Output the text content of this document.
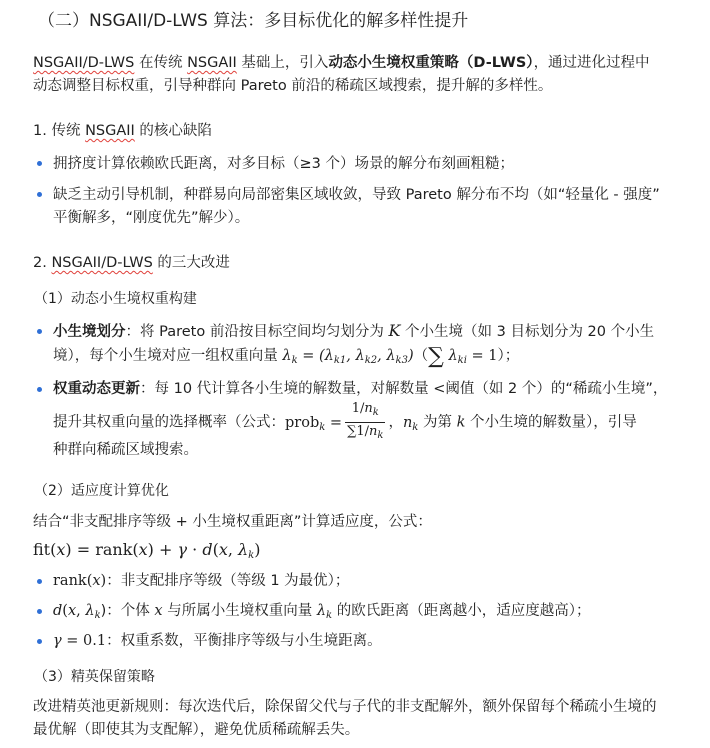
（二）NSGAII/D-LWS 算法：多目标优化的解多样性提升
NSGAII/D-LWS 在传统 NSGAII 基础上，引入动态小生境权重策略（D-LWS），通过进化过程中
动态调整目标权重，引导种群向 Pareto 前沿的稀疏区域搜索，提升解的多样性。
1. 传统 NSGAII 的核心缺陷
拥挤度计算依赖欧氏距离，对多目标（≥3 个）场景的解分布刻画粗糙；
缺乏主动引导机制，种群易向局部密集区域收敛，导致 Pareto 解分布不均（如“轻量化 - 强度”
平衡解多，“刚度优先”解少）。
2. NSGAII/D-LWS 的三大改进
（1）动态小生境权重构建
小生境划分：将 Pareto 前沿按目标空间均匀划分为 K 个小生境（如 3 目标划分为 20 个小生
境），每个小生境对应一组权重向量 $\lambda_k = (\lambda_{k1}$, $\lambda_{k2}$, $\lambda_{k3})(\sum$ $\lambda_{ki} = 1$）；
权重动态更新：每 10 代计算各小生境的解数量，对解数量 <阈值（如 2 个）的“稀疏小生境”，
提升其权重向量的选择概率（公式：prob$_k$ = $\frac{1/n_k}{\sum 1/n_k}$ ，$n_k$ 为第 k 个小生境的解数量），引导
种群向稀疏区域搜索。
（2）适应度计算优化
结合“非支配排序等级 + 小生境权重距离”计算适应度，公式：
fit(x) = rank(x) + γ · d(x, $\lambda_k$)
rank(x)：非支配排序等级（等级 1 为最优）；
d(x, $\lambda_k$)：个体 x 与所属小生境权重向量 $\lambda_k$ 的欧氏距离（距离越小，适应度越高）；
γ = 0.1：权重系数，平衡排序等级与小生境距离。
（3）精英保留策略
改进精英池更新规则：每次迭代后，除保留父代与子代的非支配解外，额外保留每个稀疏小生境的
最优解（即使其为支配解），避免优质稀疏解丢失。
